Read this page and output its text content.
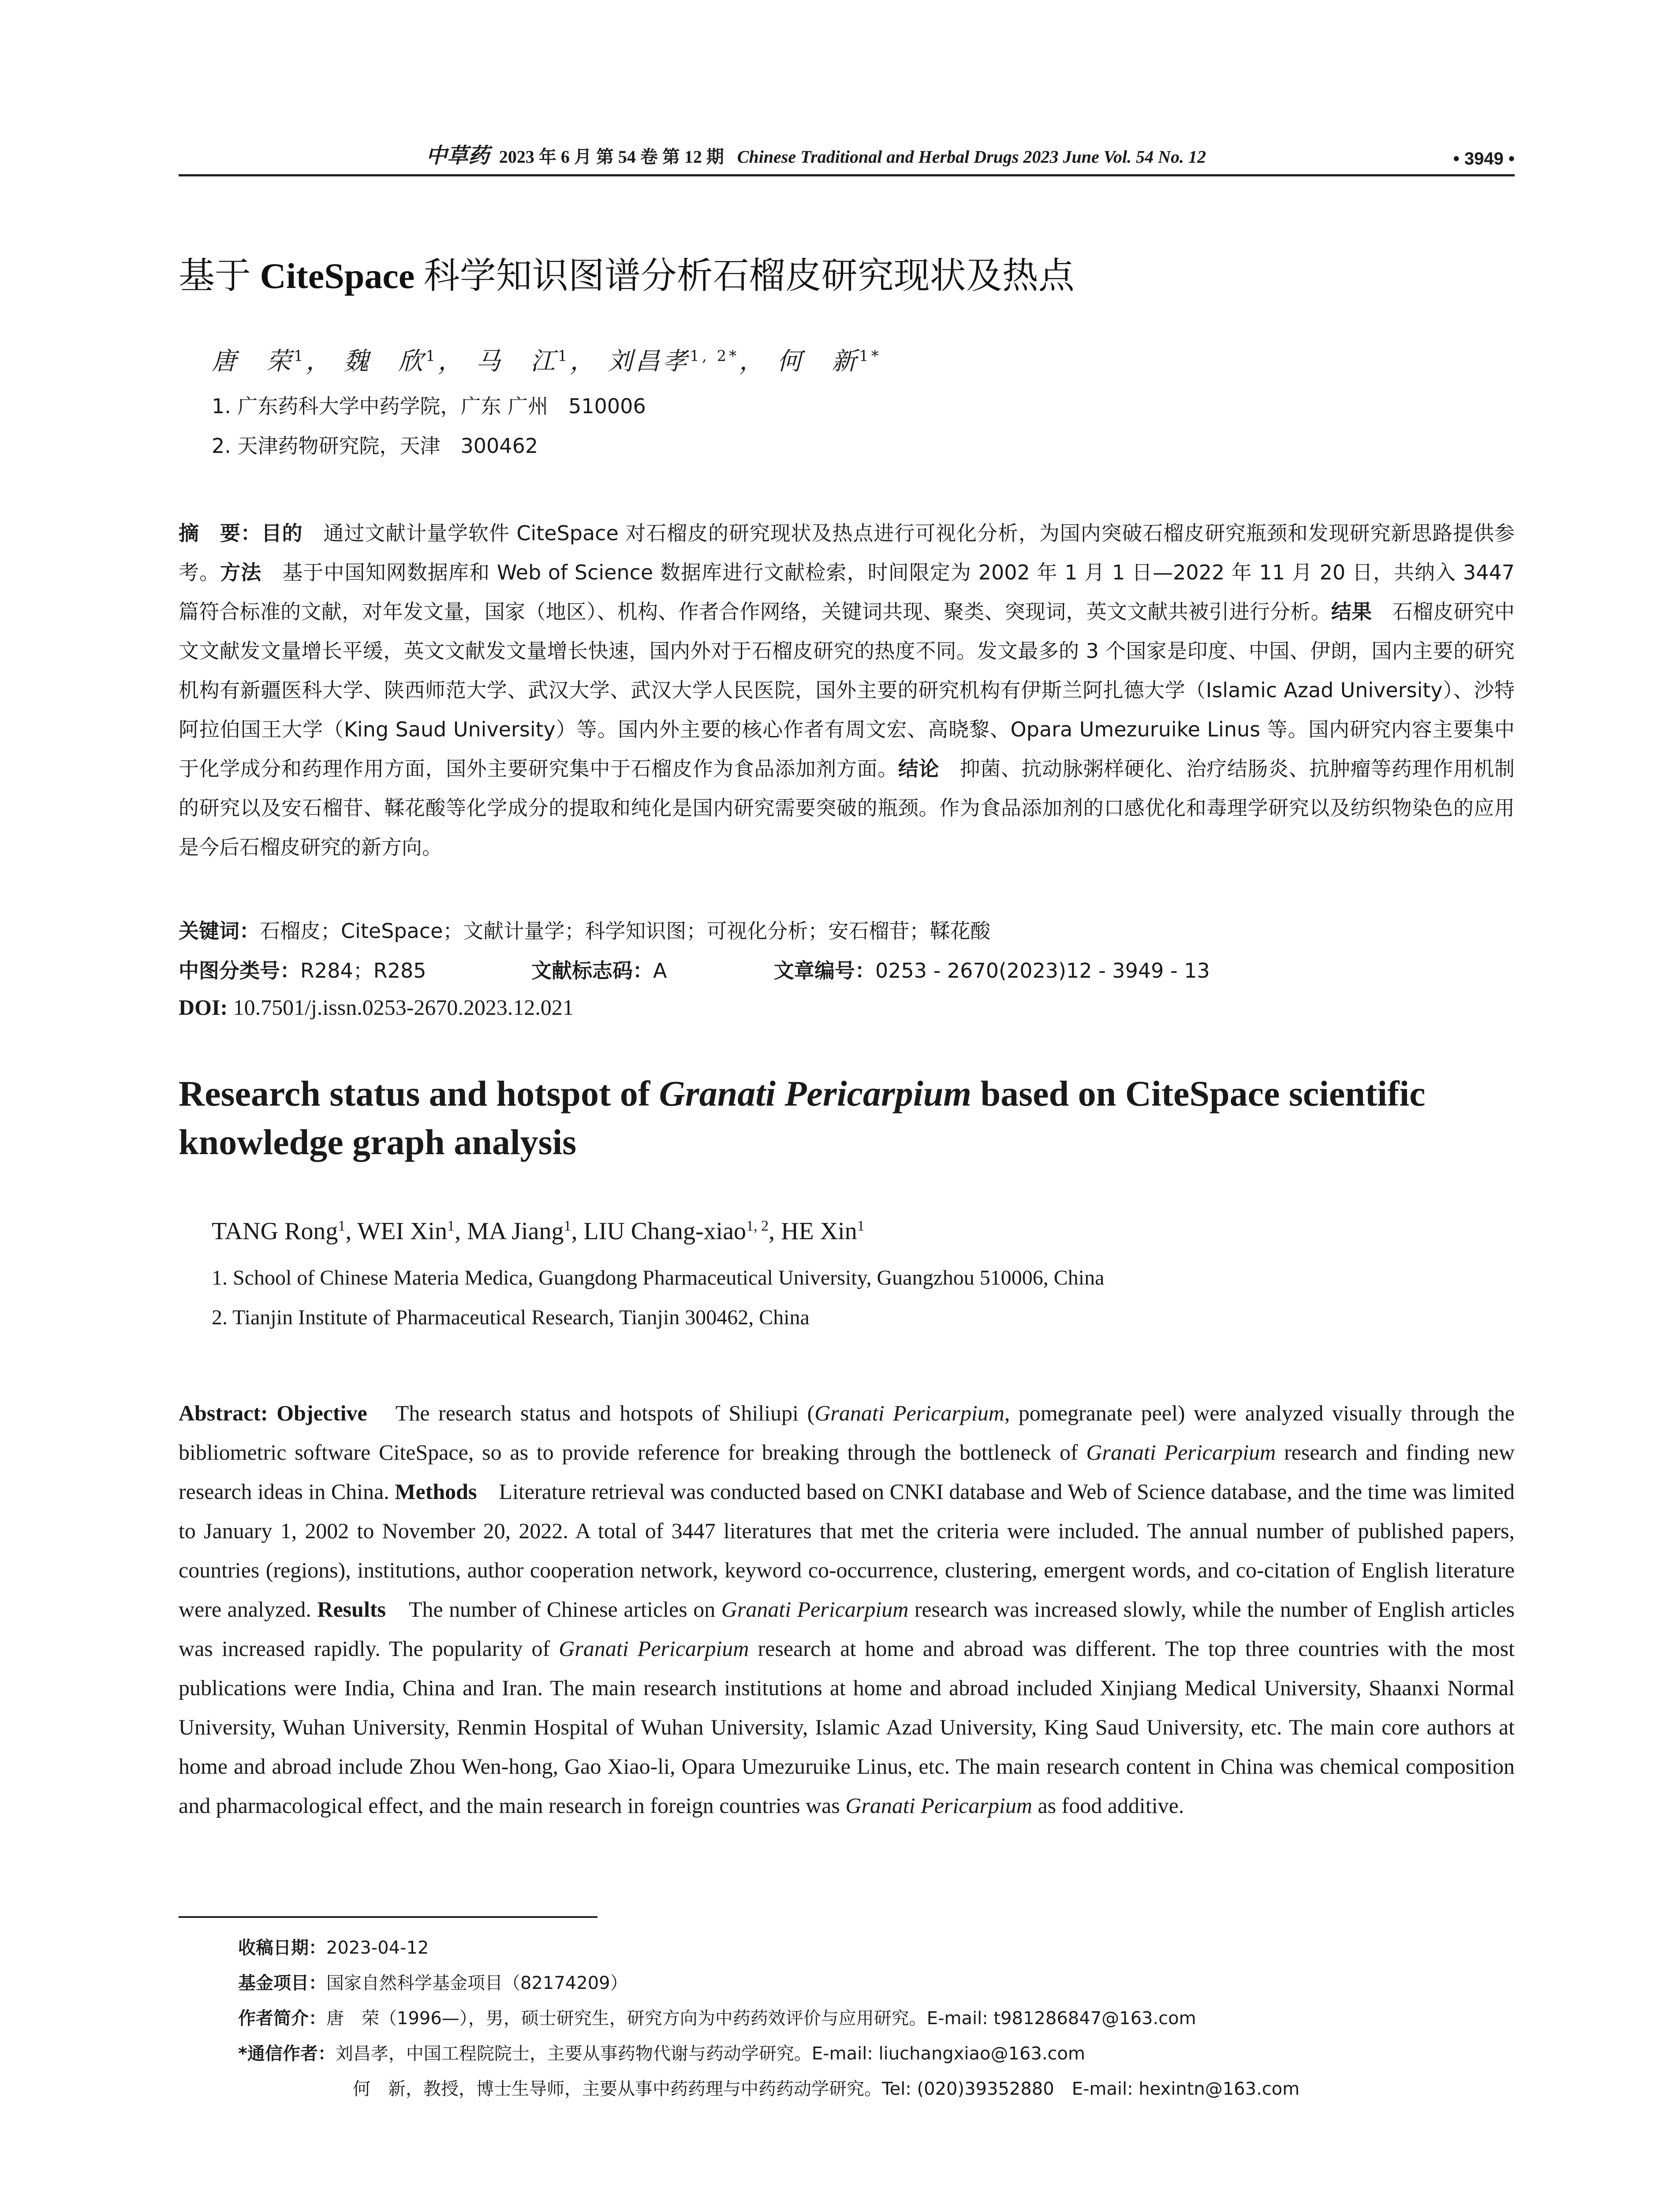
中草药 2023 年 6 月 第 54 卷 第 12 期 Chinese Traditional and Herbal Drugs 2023 June Vol. 54 No. 12	• 3949 •
基于 CiteSpace 科学知识图谱分析石榴皮研究现状及热点
唐　荣$^1$， 魏　欣$^1$， 马　江$^1$， 刘昌孝$^{1, 2*}$， 何　新$^{1*}$
1. 广东药科大学中药学院，广东 广州　510006
2. 天津药物研究院，天津　300462
摘　要：目的　通过文献计量学软件 CiteSpace 对石榴皮的研究现状及热点进行可视化分析，为国内突破石榴皮研究瓶颈和发现研究新思路提供参考。方法　基于中国知网数据库和 Web of Science 数据库进行文献检索，时间限定为 2002 年 1 月 1 日—2022 年 11 月 20 日，共纳入 3447 篇符合标准的文献，对年发文量，国家（地区）、机构、作者合作网络，关键词共现、聚类、突现词，英文文献共被引进行分析。结果　石榴皮研究中文文献发文量增长平缓，英文文献发文量增长快速，国内外对于石榴皮研究的热度不同。发文最多的 3 个国家是印度、中国、伊朗，国内主要的研究机构有新疆医科大学、陕西师范大学、武汉大学、武汉大学人民医院，国外主要的研究机构有伊斯兰阿扎德大学（Islamic Azad University）、沙特阿拉伯国王大学（King Saud University）等。国内外主要的核心作者有周文宏、高晓黎、Opara Umezuruike Linus 等。国内研究内容主要集中于化学成分和药理作用方面，国外主要研究集中于石榴皮作为食品添加剂方面。结论　抑菌、抗动脉粥样硬化、治疗结肠炎、抗肿瘤等药理作用机制的研究以及安石榴苷、鞣花酸等化学成分的提取和纯化是国内研究需要突破的瓶颈。作为食品添加剂的口感优化和毒理学研究以及纺织物染色的应用是今后石榴皮研究的新方向。
关键词：石榴皮；CiteSpace；文献计量学；科学知识图；可视化分析；安石榴苷；鞣花酸
中图分类号：R284；R285	文献标志码：A	文章编号：0253 - 2670(2023)12 - 3949 - 13
DOI: 10.7501/j.issn.0253-2670.2023.12.021
Research status and hotspot of Granati Pericarpium based on CiteSpace scientific knowledge graph analysis
TANG Rong$^1$, WEI Xin$^1$, MA Jiang$^1$, LIU Chang-xiao$^{1, 2}$, HE Xin$^1$
1. School of Chinese Materia Medica, Guangdong Pharmaceutical University, Guangzhou 510006, China
2. Tianjin Institute of Pharmaceutical Research, Tianjin 300462, China
Abstract: Objective　The research status and hotspots of Shiliupi (Granati Pericarpium, pomegranate peel) were analyzed visually through the bibliometric software CiteSpace, so as to provide reference for breaking through the bottleneck of Granati Pericarpium research and finding new research ideas in China. Methods　Literature retrieval was conducted based on CNKI database and Web of Science database, and the time was limited to January 1, 2002 to November 20, 2022. A total of 3447 literatures that met the criteria were included. The annual number of published papers, countries (regions), institutions, author cooperation network, keyword co-occurrence, clustering, emergent words, and co-citation of English literature were analyzed. Results　The number of Chinese articles on Granati Pericarpium research was increased slowly, while the number of English articles was increased rapidly. The popularity of Granati Pericarpium research at home and abroad was different. The top three countries with the most publications were India, China and Iran. The main research institutions at home and abroad included Xinjiang Medical University, Shaanxi Normal University, Wuhan University, Renmin Hospital of Wuhan University, Islamic Azad University, King Saud University, etc. The main core authors at home and abroad include Zhou Wen-hong, Gao Xiao-li, Opara Umezuruike Linus, etc. The main research content in China was chemical composition and pharmacological effect, and the main research in foreign countries was Granati Pericarpium as food additive.
收稿日期：2023-04-12
基金项目：国家自然科学基金项目（82174209）
作者简介：唐　荣（1996—），男，硕士研究生，研究方向为中药药效评价与应用研究。E-mail: t981286847@163.com
*通信作者：刘昌孝，中国工程院院士，主要从事药物代谢与药动学研究。E-mail: liuchangxiao@163.com
何　新，教授，博士生导师，主要从事中药药理与中药药动学研究。Tel: (020)39352880　E-mail: hexintn@163.com
